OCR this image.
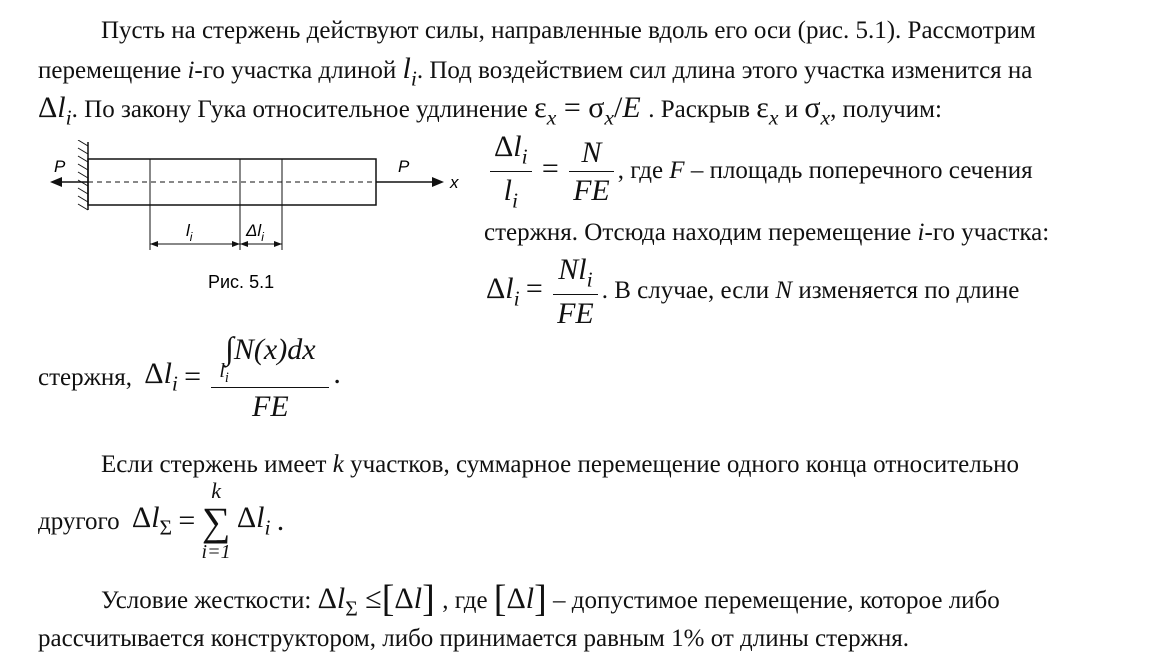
Пусть на стержень действуют силы, направленные вдоль его оси (рис. 5.1). Рассмотрим
перемещение i-го участка длиной $l_i$. Под воздействием сил длина этого участка изменится на
$\Delta l_i$. По закону Гука относительное удлинение $\varepsilon_x = \sigma_x/E$ . Раскрыв $\varepsilon_x$ и $\sigma_x$, получим:
P	P
x
$l_i$	$\Delta l_i$
Рис. 5.1
$\frac{\Delta l_i}{l_i} = \frac{N}{FE}$ , где F – площадь поперечного сечения
стержня. Отсюда находим перемещение i-го участка:
$\Delta l_i = \frac{Nl_i}{FE}$ . В случае, если N изменяется по длине
стержня, $\Delta l_i = \int N(x)dx$
$l_i$
FE .
Если стержень имеет k участков, суммарное перемещение одного конца относительно
другого $\Delta l_\Sigma$ =
k
∑
i=1
$\Delta l_i$ .
Условие жесткости: $\Delta l_\Sigma \le[\Delta l]$ , где [Δl] – допустимое перемещение, которое либо
рассчитывается конструктором, либо принимается равным 1% от длины стержня.
